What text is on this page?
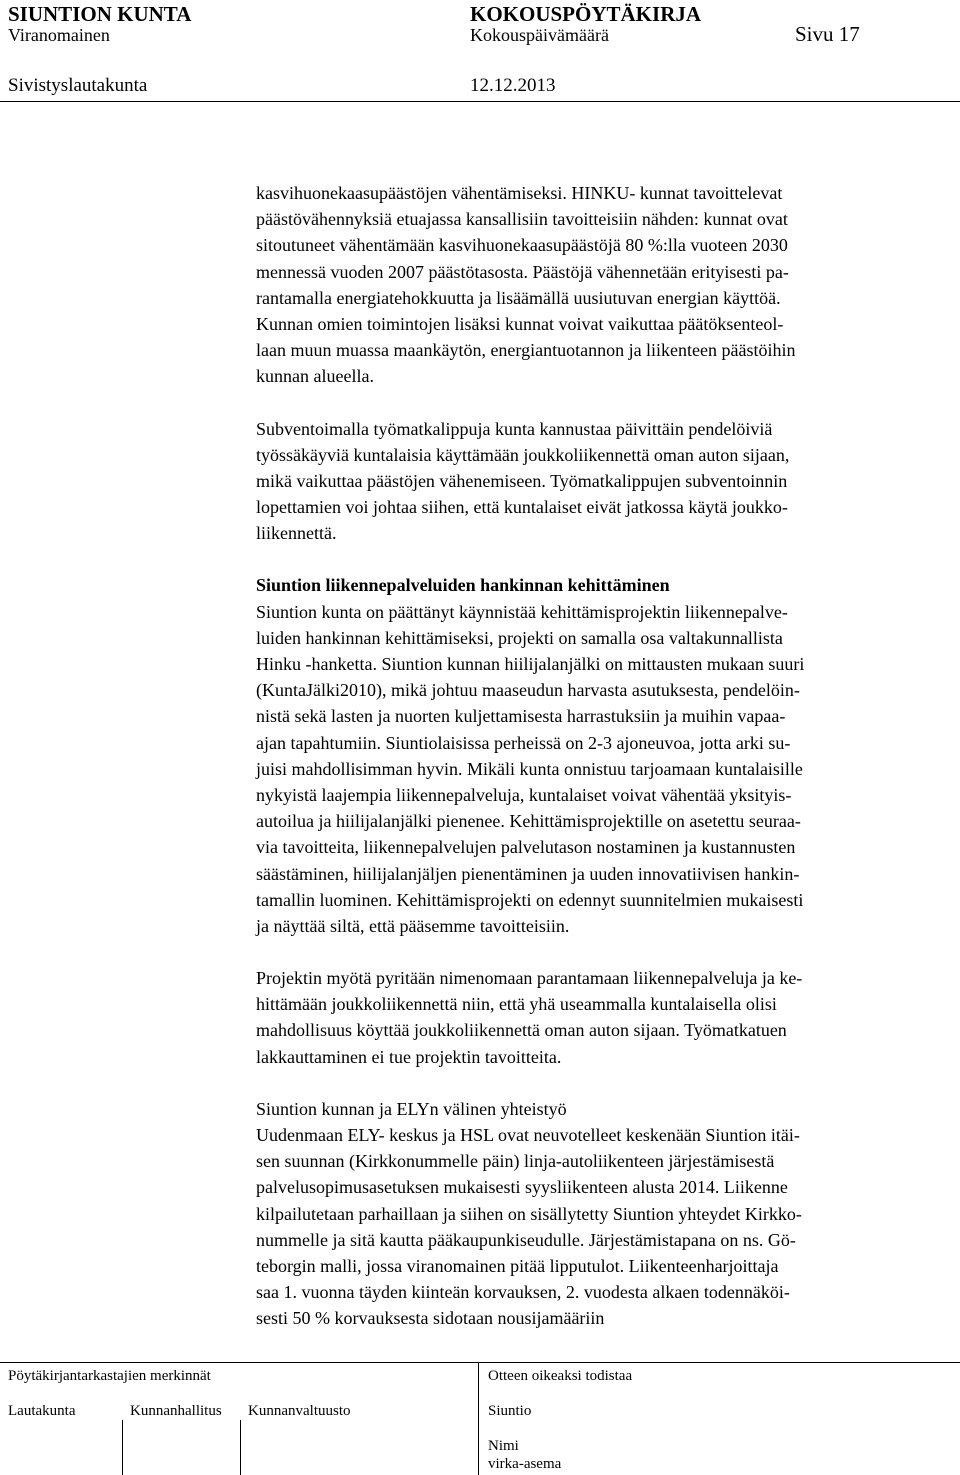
SIUNTION KUNTA	KOKOUSPÖYTÄKIRJA
Viranomainen	Kokouspäivämäärä	Sivu 17
Sivistyslautakunta	12.12.2013
kasvihuonekaasupäästöjen vähentämiseksi. HINKU- kunnat tavoittelevat
päästövähennyksiä etuajassa kansallisiin tavoitteisiin nähden: kunnat ovat
sitoutuneet vähentämään kasvihuonekaasupäästöjä 80 %:lla vuoteen 2030
mennessä vuoden 2007 päästötasosta. Päästöjä vähennetään erityisesti pa-
rantamalla energiatehokkuutta ja lisäämällä uusiutuvan energian käyttöä.
Kunnan omien toimintojen lisäksi kunnat voivat vaikuttaa päätöksenteol-
laan muun muassa maankäytön, energiantuotannon ja liikenteen päästöihin
kunnan alueella.
Subventoimalla työmatkalippuja kunta kannustaa päivittäin pendelöiviä
työssäkäyviä kuntalaisia käyttämään joukkoliikennettä oman auton sijaan,
mikä vaikuttaa päästöjen vähenemiseen. Työmatkalippujen subventoinnin
lopettamien voi johtaa siihen, että kuntalaiset eivät jatkossa käytä joukko-
liikennettä.
Siuntion liikennepalveluiden hankinnan kehittäminen
Siuntion kunta on päättänyt käynnistää kehittämisprojektin liikennepalve-
luiden hankinnan kehittämiseksi, projekti on samalla osa valtakunnallista
Hinku -hanketta. Siuntion kunnan hiilijalanjälki on mittausten mukaan suuri
(KuntaJälki2010), mikä johtuu maaseudun harvasta asutuksesta, pendelöin-
nistä sekä lasten ja nuorten kuljettamisesta harrastuksiin ja muihin vapaa-
ajan tapahtumiin. Siuntiolaisissa perheissä on 2-3 ajoneuvoa, jotta arki su-
juisi mahdollisimman hyvin. Mikäli kunta onnistuu tarjoamaan kuntalaisille
nykyistä laajempia liikennepalveluja, kuntalaiset voivat vähentää yksityis-
autoilua ja hiilijalanjälki pienenee. Kehittämisprojektille on asetettu seuraa-
via tavoitteita, liikennepalvelujen palvelutason nostaminen ja kustannusten
säästäminen, hiilijalanjäljen pienentäminen ja uuden innovatiivisen hankin-
tamallin luominen. Kehittämisprojekti on edennyt suunnitelmien mukaisesti
ja näyttää siltä, että pääsemme tavoitteisiin.
Projektin myötä pyritään nimenomaan parantamaan liikennepalveluja ja ke-
hittämään joukkoliikennettä niin, että yhä useammalla kuntalaisella olisi
mahdollisuus köyttää joukkoliikennettä oman auton sijaan. Työmatkatuen
lakkauttaminen ei tue projektin tavoitteita.
Siuntion kunnan ja ELYn välinen yhteistyö
Uudenmaan ELY- keskus ja HSL ovat neuvotelleet keskenään Siuntion itäi-
sen suunnan (Kirkkonummelle päin) linja-autoliikenteen järjestämisestä
palvelusopimusasetuksen mukaisesti syysliikenteen alusta 2014. Liikenne
kilpailutetaan parhaillaan ja siihen on sisällytetty Siuntion yhteydet Kirkko-
nummelle ja sitä kautta pääkaupunkiseudulle. Järjestämistapana on ns. Gö-
teborgin malli, jossa viranomainen pitää lipputulot. Liikenteenharjoittaja
saa 1. vuonna täyden kiinteän korvauksen, 2. vuodesta alkaen todennäköi-
sesti 50 % korvauksesta sidotaan nousijamääriin
Pöytäkirjantarkastajien merkinnät	Otteen oikeaksi todistaa
Lautakunta	Kunnanhallitus Kunnanvaltuusto	Siuntio
Nimi
virka-asema
